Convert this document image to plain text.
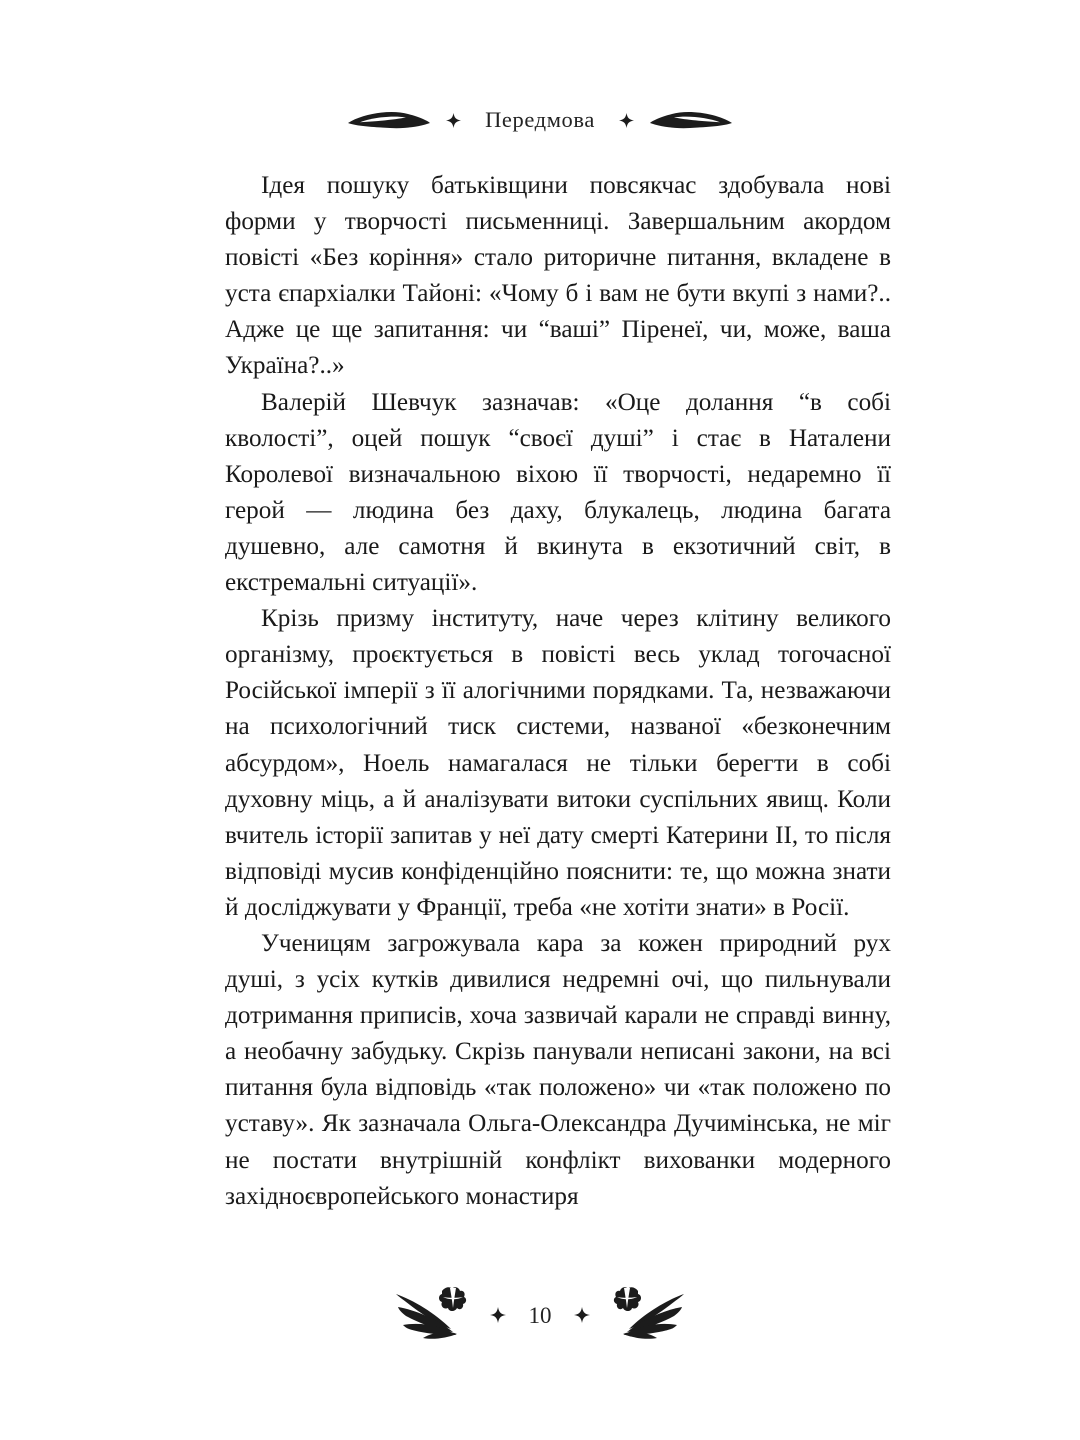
Передмова

Ідея пошуку батьківщини повсякчас здобувала нові форми у творчості письменниці. Завершальним акордом повісті «Без коріння» стало риторичне питання, вкладене в уста єпархіалки Тайоні: «Чому б і вам не бути вкупі з нами?.. Адже це ще запитання: чи “ваші” Піренеї, чи, може, ваша Україна?..»

Валерій Шевчук зазначав: «Оце долання “в собі кволості”, оцей пошук “своєї душі” і стає в Наталени Королевої визначальною віхою її творчості, недаремно її герой — людина без даху, блукалець, людина багата душевно, але самотня й вкинута в екзотичний світ, в екстремальні ситуації».

Крізь призму інституту, наче через клітину великого організму, проєктується в повісті весь уклад тогочасної Російської імперії з її алогічними порядками. Та, незважаючи на психологічний тиск системи, названої «безконечним абсурдом», Ноель намагалася не тільки берегти в собі духовну міць, а й аналізувати витоки суспільних явищ. Коли вчитель історії запитав у неї дату смерті Катерини II, то після відповіді мусив конфіденційно пояснити: те, що можна знати й досліджувати у Франції, треба «не хотіти знати» в Росії.

Ученицям загрожувала кара за кожен природний рух душі, з усіх кутків дивилися недремні очі, що пильнували дотримання приписів, хоча зазвичай карали не справді винну, а необачну забудьку. Скрізь панували неписані закони, на всі питання була відповідь «так положено» чи «так положено по уставу». Як зазначала Ольга-Олександра Дучимінська, не міг не постати внутрішній конфлікт вихованки модерного західноєвропейського монастиря

10
